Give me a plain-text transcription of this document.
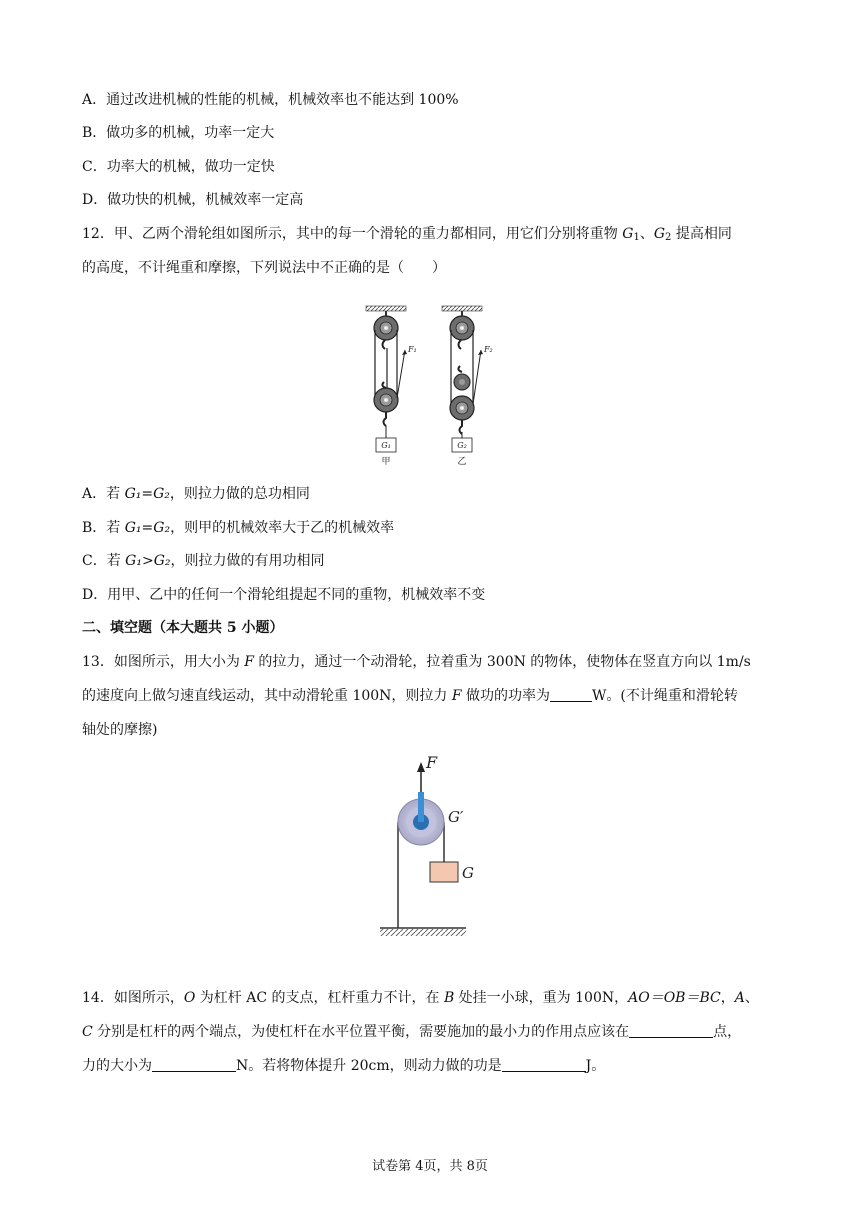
A．通过改进机械的性能的机械，机械效率也不能达到 100%
B．做功多的机械，功率一定大
C．功率大的机械，做功一定快
D．做功快的机械，机械效率一定高
12．甲、乙两个滑轮组如图所示，其中的每一个滑轮的重力都相同，用它们分别将重物 $G_1$、$G_2$ 提高相同
的高度，不计绳重和摩擦，下列说法中不正确的是（　　）
F₁
G₁
甲
F₂
G₂
乙
A．若 G₁=G₂，则拉力做的总功相同
B．若 G₁=G₂，则甲的机械效率大于乙的机械效率
C．若 G₁>G₂，则拉力做的有用功相同
D．用甲、乙中的任何一个滑轮组提起不同的重物，机械效率不变
二、填空题（本大题共 5 小题）
13．如图所示，用大小为 F 的拉力，通过一个动滑轮，拉着重为 300N 的物体，使物体在竖直方向以 1m/s
的速度向上做匀速直线运动，其中动滑轮重 100N，则拉力 F 做功的功率为	W。(不计绳重和滑轮转
轴处的摩擦)
F
G′
G
14．如图所示，O 为杠杆 AC 的支点，杠杆重力不计，在 B 处挂一小球，重为 100N，AO＝OB＝BC，A、
C 分别是杠杆的两个端点，为使杠杆在水平位置平衡，需要施加的最小力的作用点应该在	点，
力的大小为	N。若将物体提升 20cm，则动力做的功是	J。
试卷第 4页，共 8页
